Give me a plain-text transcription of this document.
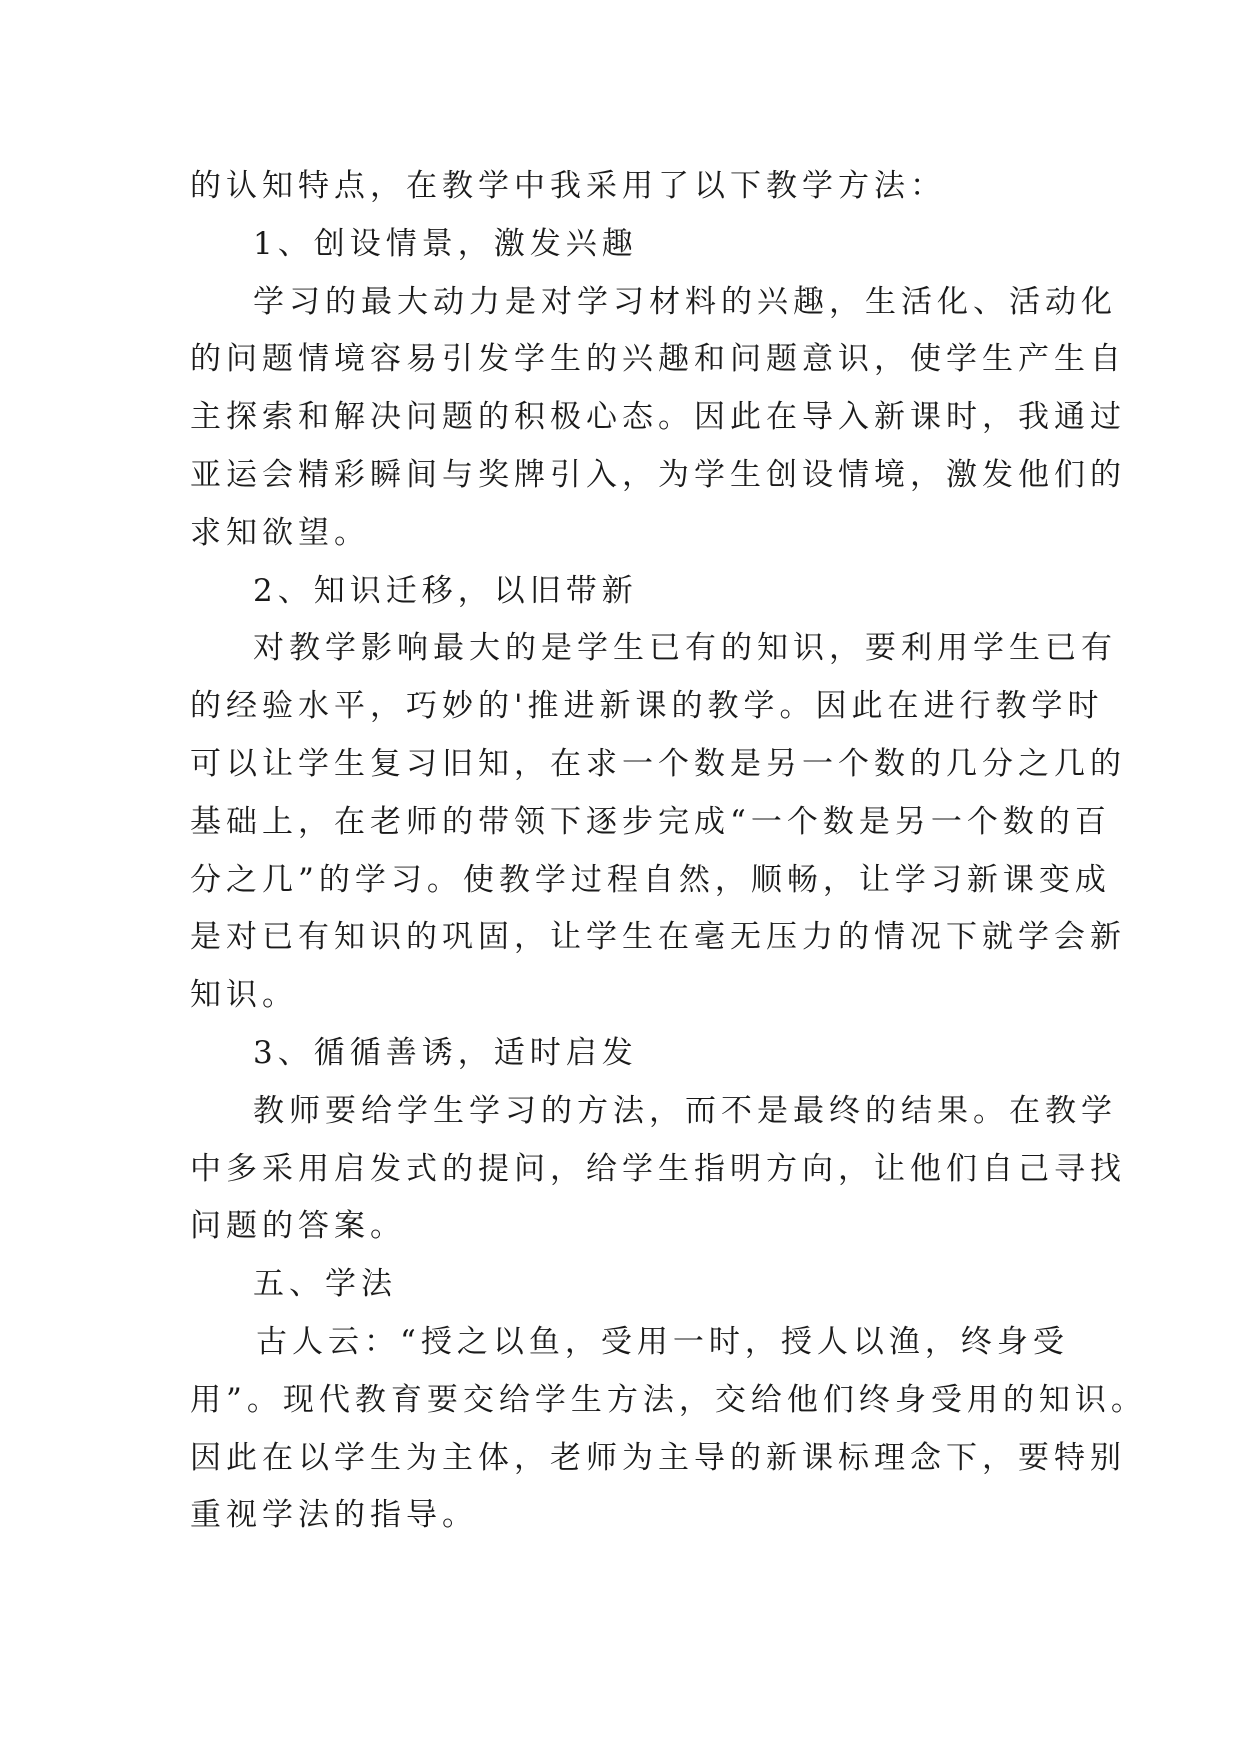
的认知特点，在教学中我采用了以下教学方法：
1、创设情景，激发兴趣
学习的最大动力是对学习材料的兴趣，生活化、活动化
的问题情境容易引发学生的兴趣和问题意识，使学生产生自
主探索和解决问题的积极心态。因此在导入新课时，我通过
亚运会精彩瞬间与奖牌引入，为学生创设情境，激发他们的
求知欲望。
2、知识迁移，以旧带新
对教学影响最大的是学生已有的知识，要利用学生已有
的经验水平，巧妙的'推进新课的教学。因此在进行教学时
可以让学生复习旧知，在求一个数是另一个数的几分之几的
基础上，在老师的带领下逐步完成“一个数是另一个数的百
分之几”的学习。使教学过程自然，顺畅，让学习新课变成
是对已有知识的巩固，让学生在毫无压力的情况下就学会新
知识。
3、循循善诱，适时启发
教师要给学生学习的方法，而不是最终的结果。在教学
中多采用启发式的提问，给学生指明方向，让他们自己寻找
问题的答案。
五、学法
古人云：“授之以鱼，受用一时，授人以渔，终身受
用”。现代教育要交给学生方法，交给他们终身受用的知识。
因此在以学生为主体，老师为主导的新课标理念下，要特别
重视学法的指导。
